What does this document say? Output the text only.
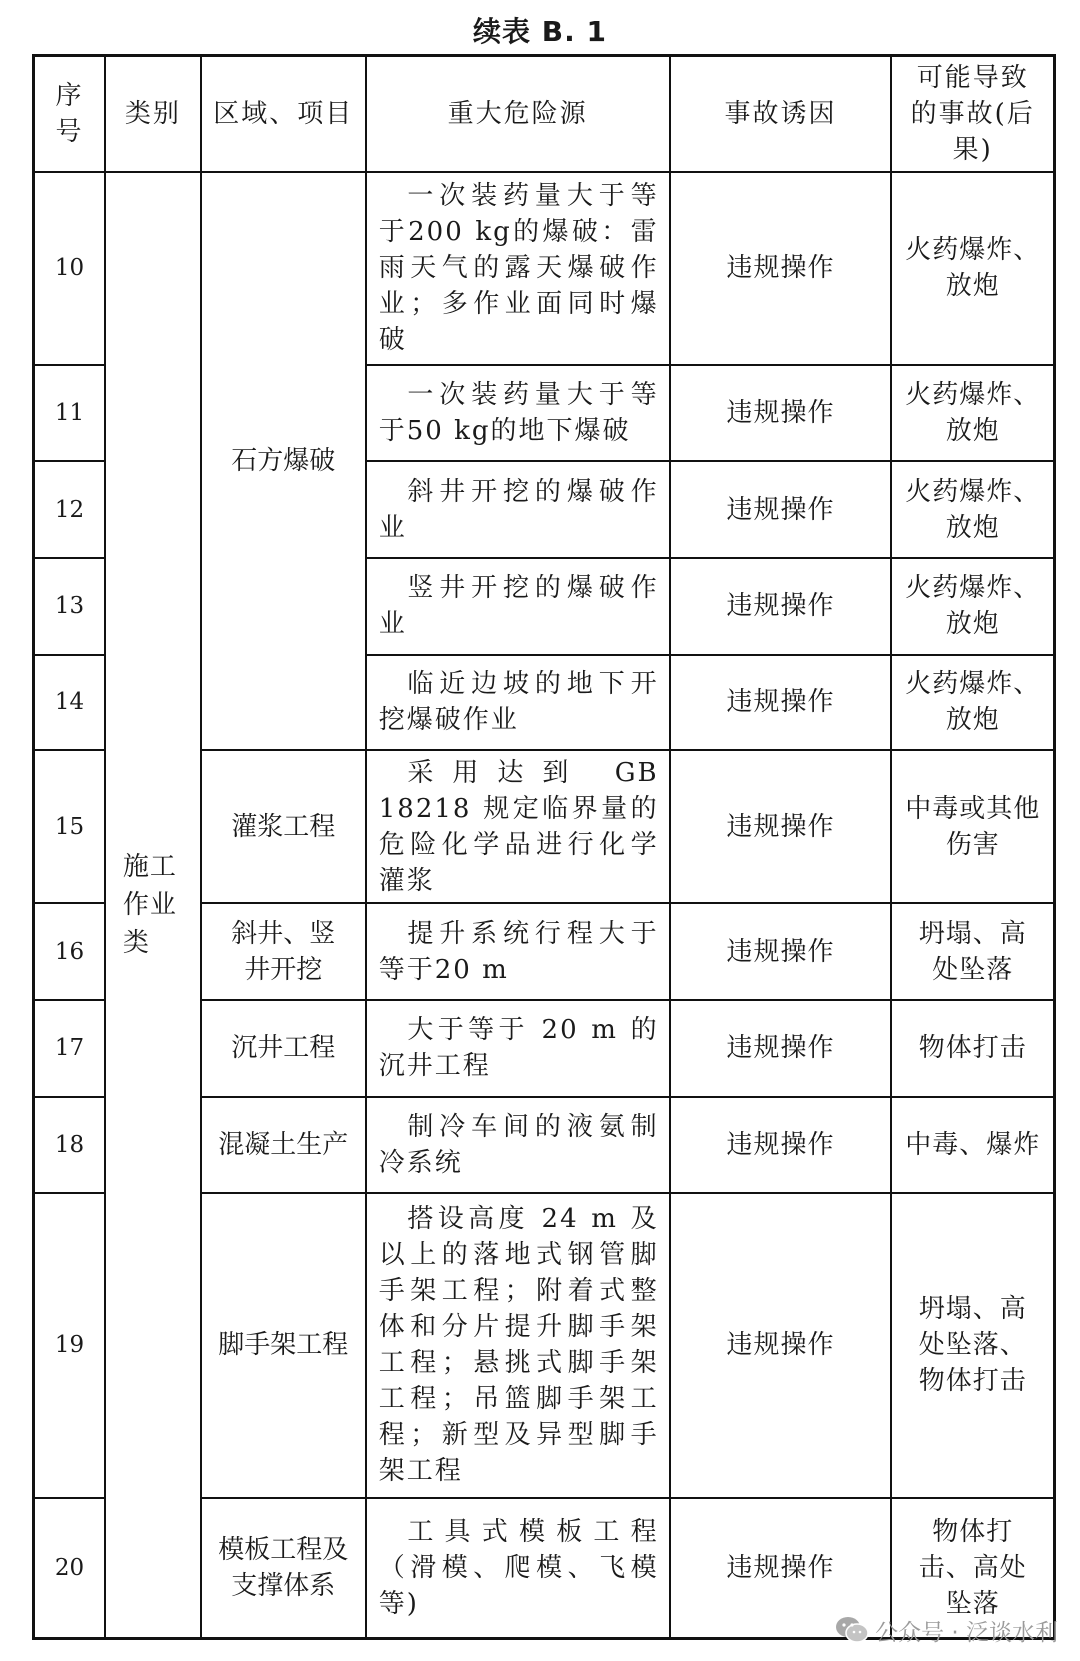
续表 B. 1
序号	类别	区域、项目	重大危险源	事故诱因	可能导致的事故(后果)
10	施工作业类	石方爆破	一次装药量大于等于200 kg的爆破：雷雨天气的露天爆破作业；多作业面同时爆破	违规操作	火药爆炸、放炮
11			一次装药量大于等于50 kg的地下爆破	违规操作	火药爆炸、放炮
12			斜井开挖的爆破作业	违规操作	火药爆炸、放炮
13			竖井开挖的爆破作业	违规操作	火药爆炸、放炮
14			临近边坡的地下开挖爆破作业	违规操作	火药爆炸、放炮
15		灌浆工程	采用达到 GB 18218 规定临界量的危险化学品进行化学灌浆	违规操作	中毒或其他伤害
16		斜井、竖井开挖	提升系统行程大于等于20 m	违规操作	坍塌、高处坠落
17		沉井工程	大于等于 20 m 的沉井工程	违规操作	物体打击
18		混凝土生产	制冷车间的液氨制冷系统	违规操作	中毒、爆炸
19		脚手架工程	搭设高度 24 m 及以上的落地式钢管脚手架工程；附着式整体和分片提升脚手架工程；悬挑式脚手架工程；吊篮脚手架工程；新型及异型脚手架工程	违规操作	坍塌、高处坠落、物体打击
20		模板工程及支撑体系	工具式模板工程（滑模、爬模、飞模等)	违规操作	物体打击、高处坠落
公众号 · 泛谈水利
